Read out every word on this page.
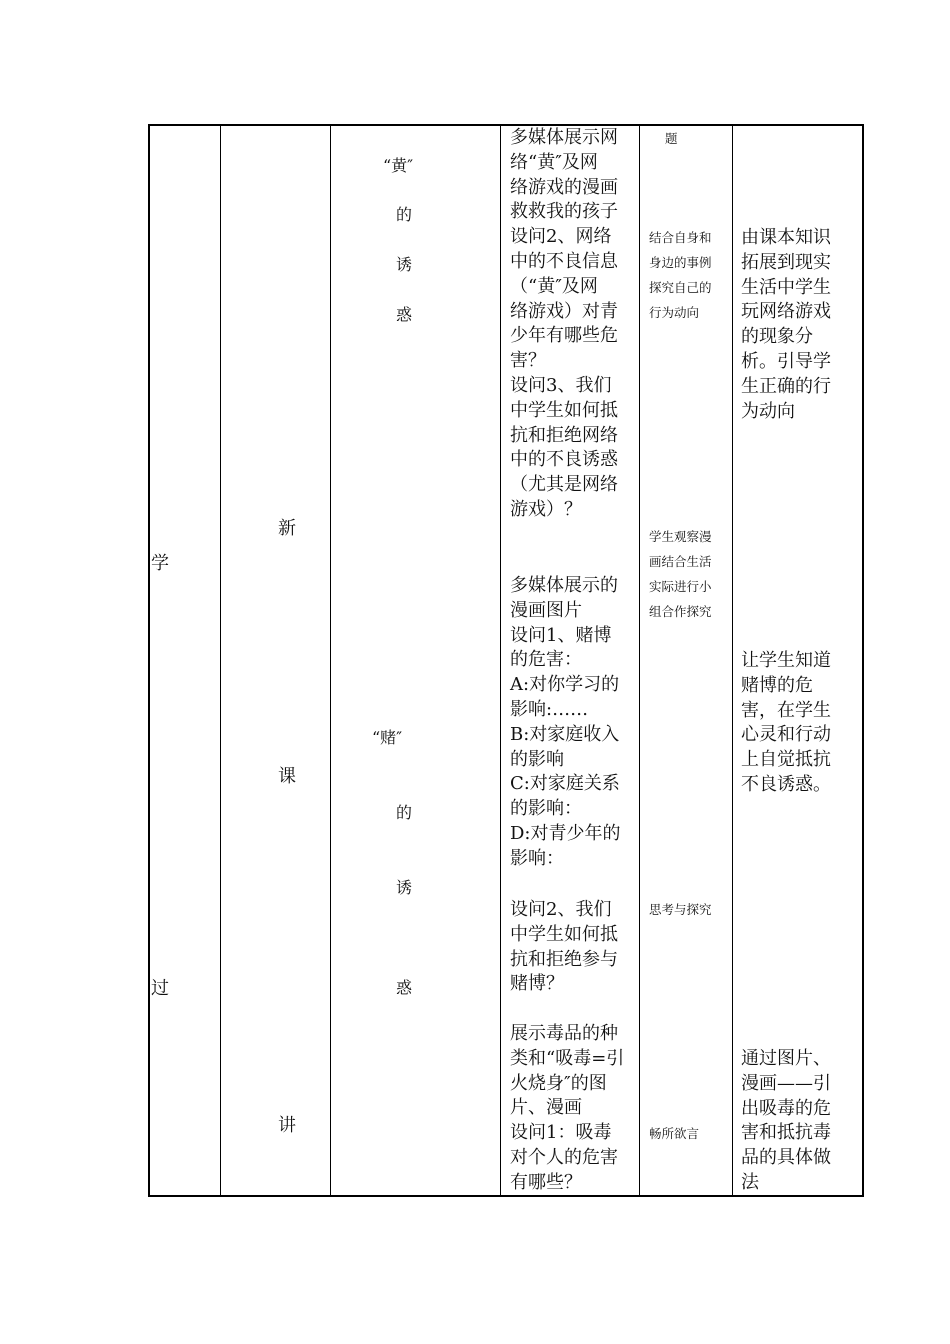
学
过
新
课
讲
“黄″
的
诱
惑
“赌″
的
诱
惑
多媒体展示网
络“黄″及网
络游戏的漫画
救救我的孩子
设问2、网络
中的不良信息
（“黄″及网
络游戏）对青
少年有哪些危
害？
设问3、我们
中学生如何抵
抗和拒绝网络
中的不良诱惑
（尤其是网络
游戏）？
多媒体展示的
漫画图片
设问1、赌博
的危害：
A:对你学习的
影响:……
B:对家庭收入
的影响
C:对家庭关系
的影响：
D:对青少年的
影响：
设问2、我们
中学生如何抵
抗和拒绝参与
赌博？
展示毒品的种
类和“吸毒=引
火烧身″的图
片、漫画
设问1：吸毒
对个人的危害
有哪些？
题
结合自身和
身边的事例
探究自己的
行为动向
学生观察漫
画结合生活
实际进行小
组合作探究
思考与探究
畅所欲言
由课本知识
拓展到现实
生活中学生
玩网络游戏
的现象分
析。引导学
生正确的行
为动向
让学生知道
赌博的危
害，在学生
心灵和行动
上自觉抵抗
不良诱惑。
通过图片、
漫画——引
出吸毒的危
害和抵抗毒
品的具体做
法
